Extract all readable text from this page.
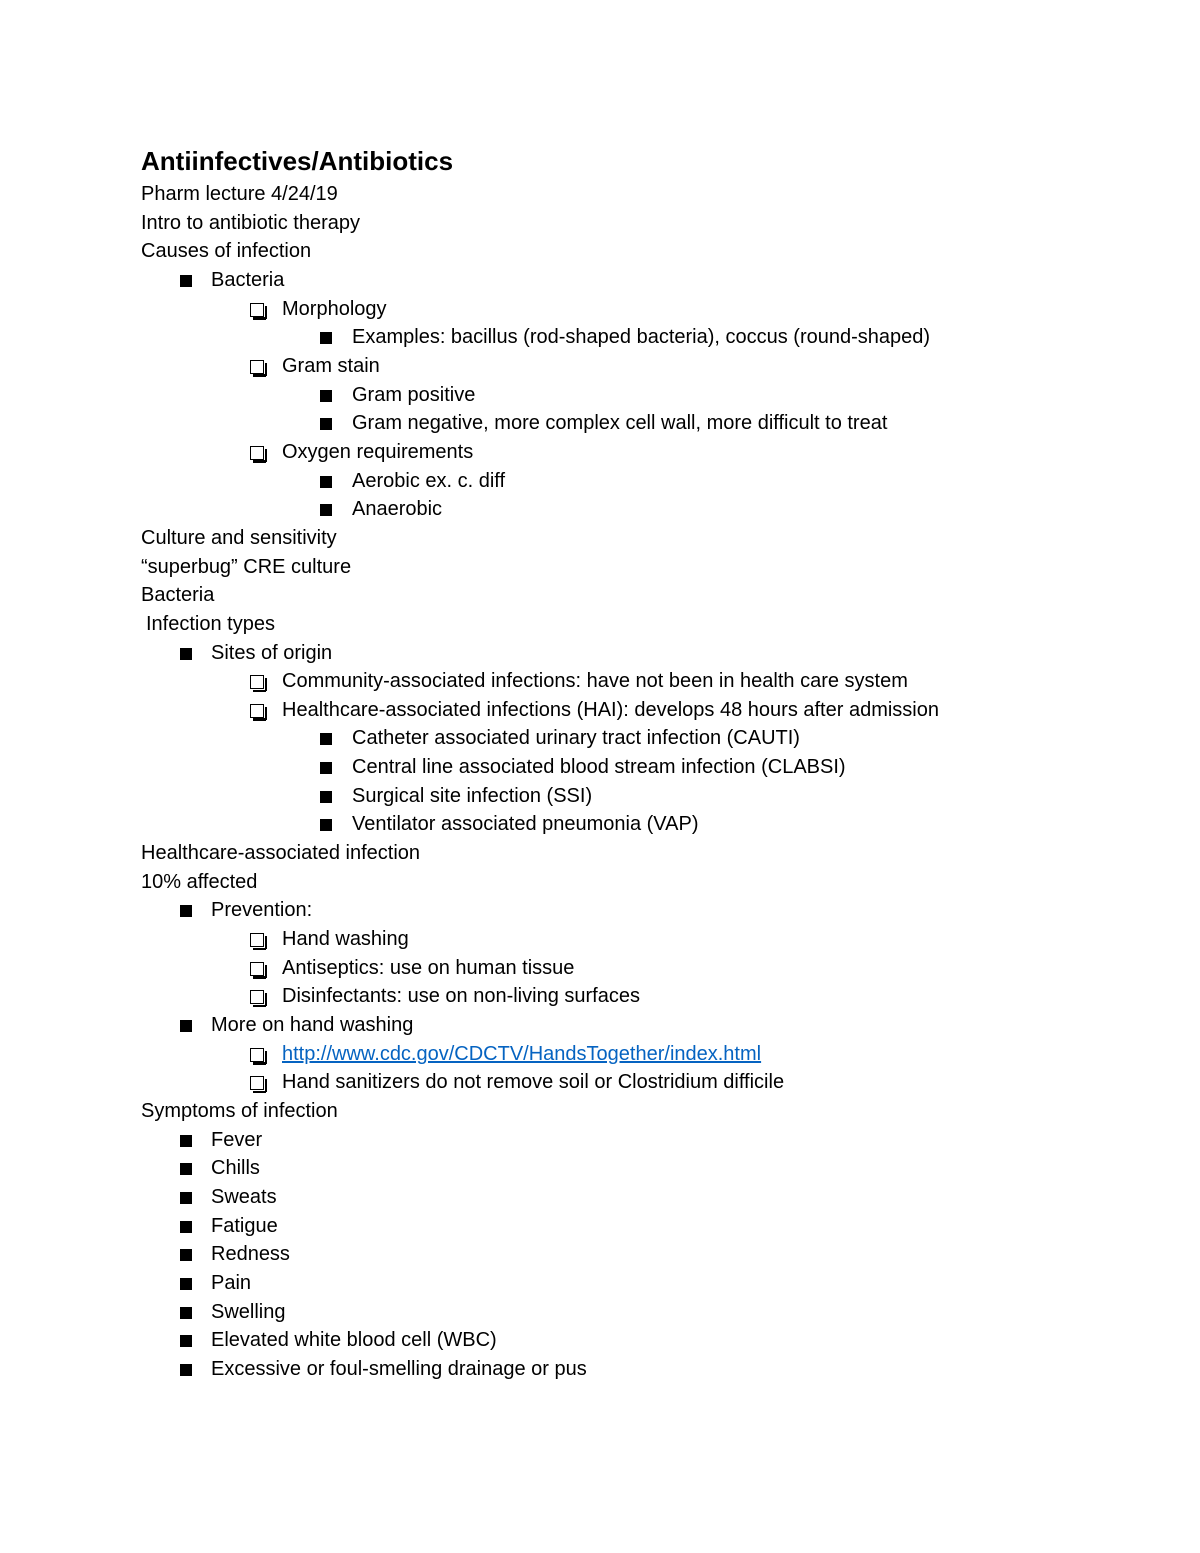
Antiinfectives/Antibiotics
Pharm lecture 4/24/19
Intro to antibiotic therapy
Causes of infection
Bacteria
Morphology
Examples: bacillus (rod-shaped bacteria), coccus (round-shaped)
Gram stain
Gram positive
Gram negative, more complex cell wall, more difficult to treat
Oxygen requirements
Aerobic ex. c. diff
Anaerobic
Culture and sensitivity
“superbug” CRE culture
Bacteria
Infection types
Sites of origin
Community-associated infections: have not been in health care system
Healthcare-associated infections (HAI): develops 48 hours after admission
Catheter associated urinary tract infection (CAUTI)
Central line associated blood stream infection (CLABSI)
Surgical site infection (SSI)
Ventilator associated pneumonia (VAP)
Healthcare-associated infection
10% affected
Prevention:
Hand washing
Antiseptics: use on human tissue
Disinfectants: use on non-living surfaces
More on hand washing
http://www.cdc.gov/CDCTV/HandsTogether/index.html
Hand sanitizers do not remove soil or Clostridium difficile
Symptoms of infection
Fever
Chills
Sweats
Fatigue
Redness
Pain
Swelling
Elevated white blood cell (WBC)
Excessive or foul-smelling drainage or pus
